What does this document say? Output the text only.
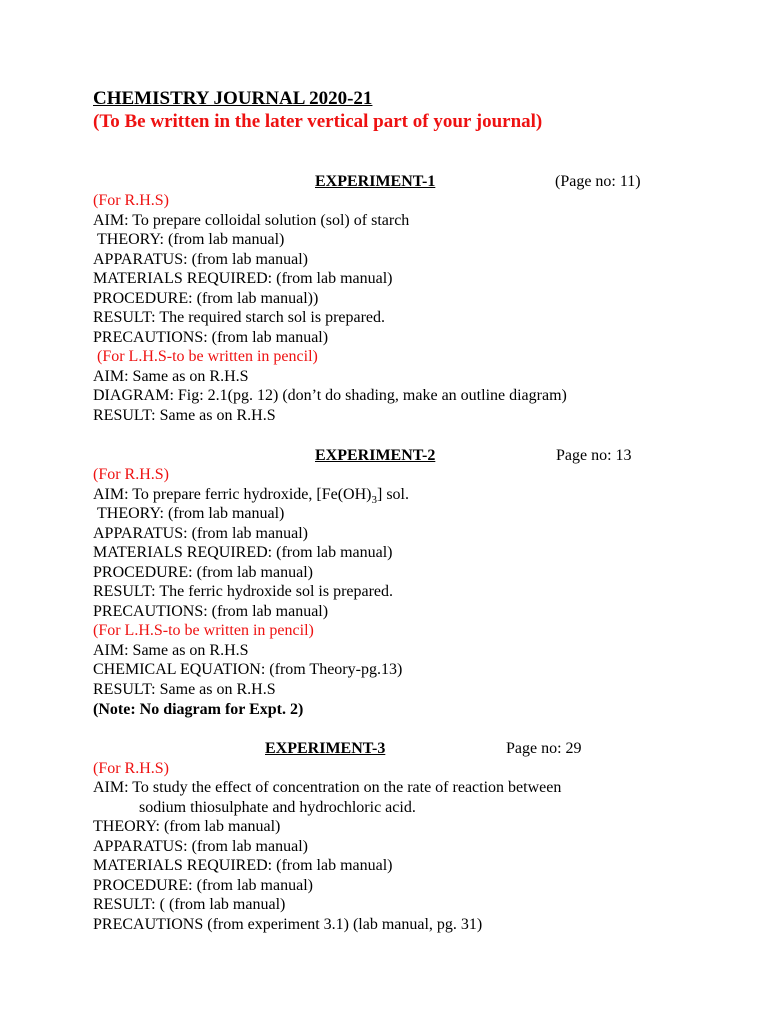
CHEMISTRY JOURNAL 2020-21
(To Be written in the later vertical part of your journal)
EXPERIMENT-1	(Page no: 11)
(For R.H.S)
AIM: To prepare colloidal solution (sol) of starch
THEORY: (from lab manual)
APPARATUS: (from lab manual)
MATERIALS REQUIRED: (from lab manual)
PROCEDURE: (from lab manual))
RESULT: The required starch sol is prepared.
PRECAUTIONS: (from lab manual)
(For L.H.S-to be written in pencil)
AIM: Same as on R.H.S
DIAGRAM: Fig: 2.1(pg. 12) (don’t do shading, make an outline diagram)
RESULT: Same as on R.H.S
EXPERIMENT-2	Page no: 13
(For R.H.S)
AIM: To prepare ferric hydroxide, $[Fe(OH)_3]$ sol.
THEORY: (from lab manual)
APPARATUS: (from lab manual)
MATERIALS REQUIRED: (from lab manual)
PROCEDURE: (from lab manual)
RESULT: The ferric hydroxide sol is prepared.
PRECAUTIONS: (from lab manual)
(For L.H.S-to be written in pencil)
AIM: Same as on R.H.S
CHEMICAL EQUATION: (from Theory-pg.13)
RESULT: Same as on R.H.S
(Note: No diagram for Expt. 2)
EXPERIMENT-3	Page no: 29
(For R.H.S)
AIM: To study the effect of concentration on the rate of reaction between
sodium thiosulphate and hydrochloric acid.
THEORY: (from lab manual)
APPARATUS: (from lab manual)
MATERIALS REQUIRED: (from lab manual)
PROCEDURE: (from lab manual)
RESULT: ( (from lab manual)
PRECAUTIONS (from experiment 3.1) (lab manual, pg. 31)
